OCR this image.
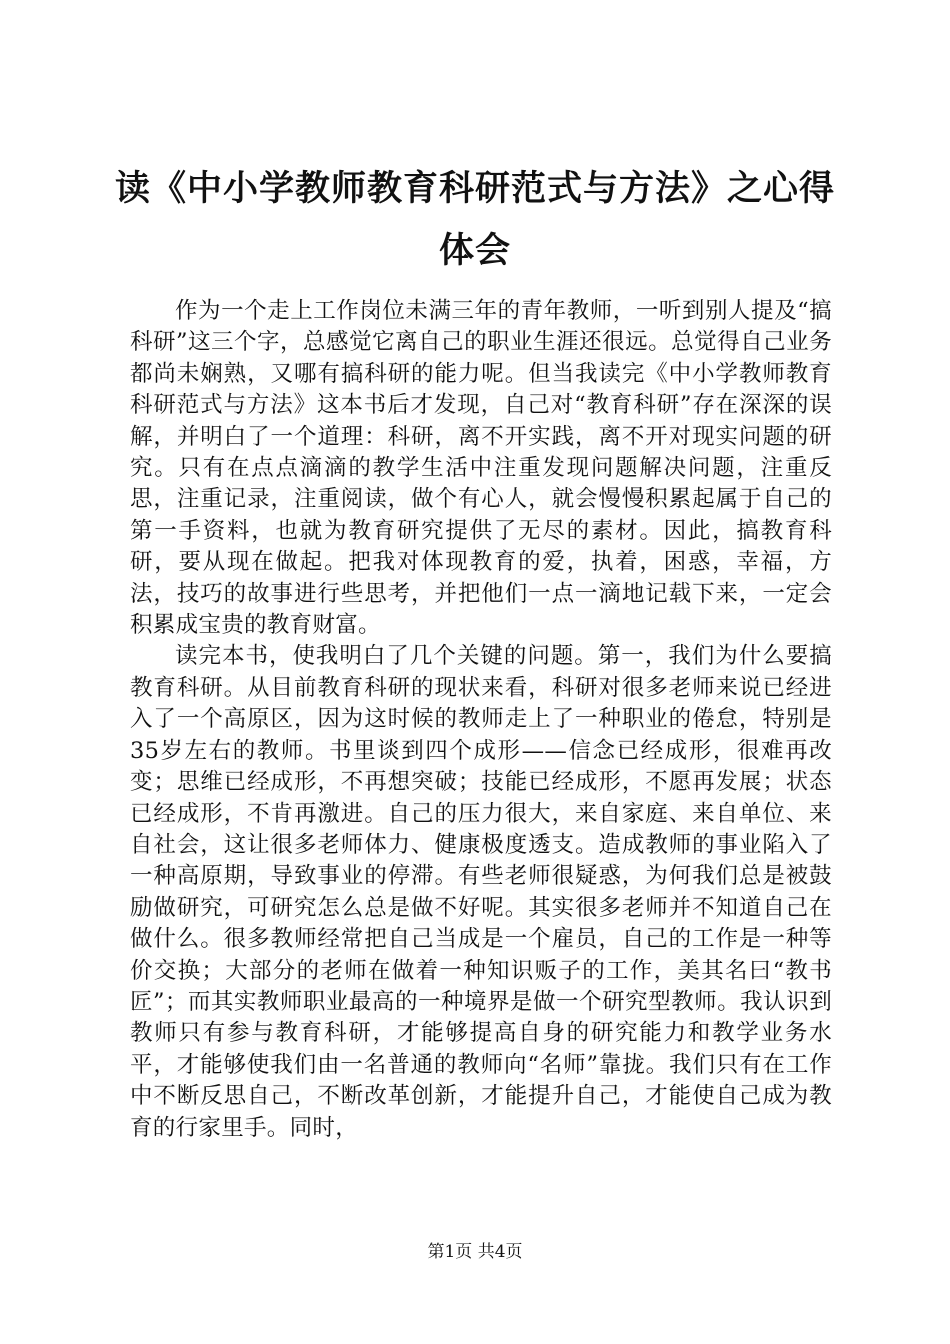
读《中小学教师教育科研范式与方法》之心得体会

作为一个走上工作岗位未满三年的青年教师，一听到别人提及“搞科研”这三个字，总感觉它离自己的职业生涯还很远。总觉得自己业务都尚未娴熟，又哪有搞科研的能力呢。但当我读完《中小学教师教育科研范式与方法》这本书后才发现，自己对“教育科研”存在深深的误解，并明白了一个道理：科研，离不开实践，离不开对现实问题的研究。只有在点点滴滴的教学生活中注重发现问题解决问题，注重反思，注重记录，注重阅读，做个有心人，就会慢慢积累起属于自己的第一手资料，也就为教育研究提供了无尽的素材。因此，搞教育科研，要从现在做起。把我对体现教育的爱，执着，困惑，幸福，方法，技巧的故事进行些思考，并把他们一点一滴地记载下来，一定会积累成宝贵的教育财富。

读完本书，使我明白了几个关键的问题。第一，我们为什么要搞教育科研。从目前教育科研的现状来看，科研对很多老师来说已经进入了一个高原区，因为这时候的教师走上了一种职业的倦怠，特别是35岁左右的教师。书里谈到四个成形——信念已经成形，很难再改变；思维已经成形，不再想突破；技能已经成形，不愿再发展；状态已经成形，不肯再激进。自己的压力很大，来自家庭、来自单位、来自社会，这让很多老师体力、健康极度透支。造成教师的事业陷入了一种高原期，导致事业的停滞。有些老师很疑惑，为何我们总是被鼓励做研究，可研究怎么总是做不好呢。其实很多老师并不知道自己在做什么。很多教师经常把自己当成是一个雇员，自己的工作是一种等价交换；大部分的老师在做着一种知识贩子的工作，美其名曰“教书匠”；而其实教师职业最高的一种境界是做一个研究型教师。我认识到教师只有参与教育科研，才能够提高自身的研究能力和教学业务水平，才能够使我们由一名普通的教师向“名师”靠拢。我们只有在工作中不断反思自己，不断改革创新，才能提升自己，才能使自己成为教育的行家里手。同时，

第1页 共4页
